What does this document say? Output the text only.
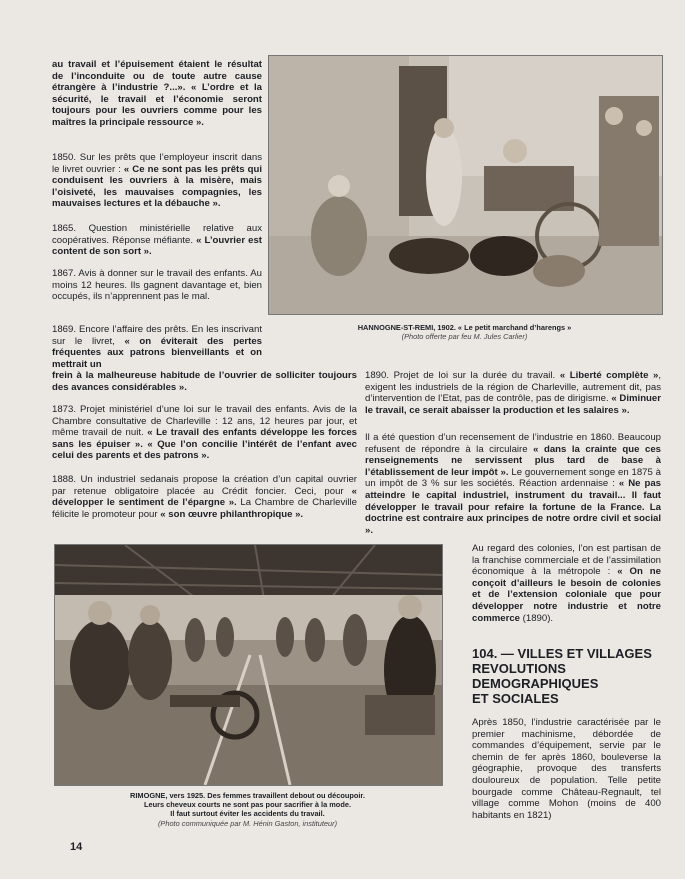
au travail et l’épuisement étaient le résultat de l’inconduite ou de toute autre cause étrangère à l’industrie ?...». « L’ordre et la sécurité, le travail et l’économie seront toujours pour les ouvriers comme pour les maîtres la principale ressource ».

1850. Sur les prêts que l’employeur inscrit dans le livret ouvrier : « Ce ne sont pas les prêts qui conduisent les ouvriers à la misère, mais l’oisiveté, les mauvaises compagnies, les mauvaises lectures et la débauche ».

1865. Question ministérielle relative aux coopératives. Réponse méfiante. « L’ouvrier est content de son sort ».

1867. Avis à donner sur le travail des enfants. Au moins 12 heures. Ils gagnent davantage et, bien occupés, ils n’apprennent pas le mal.

1869. Encore l’affaire des prêts. En les inscrivant sur le livret, « on éviterait des pertes fréquentes aux patrons bienveillants et on mettrait un

frein à la malheureuse habitude de l’ouvrier de solliciter toujours des avances considérables ».

1873. Projet ministériel d’une loi sur le travail des enfants. Avis de la Chambre consultative de Charleville : 12 ans, 12 heures par jour, et même travail de nuit. « Le travail des enfants développe les forces sans les épuiser ». « Que l’on concilie l’intérêt de l’enfant avec celui des parents et des patrons ».

1888. Un industriel sedanais propose la création d’un capital ouvrier par retenue obligatoire placée au Crédit foncier. Ceci, pour « développer le sentiment de l’épargne ». La Chambre de Charleville félicite le promoteur pour « son œuvre philanthropique ».

HANNOGNE-ST-REMI, 1902. « Le petit marchand d’harengs »
(Photo offerte par feu M. Jules Carlier)

1890. Projet de loi sur la durée du travail. « Liberté complète », exigent les industriels de la région de Charleville, autrement dit, pas d’intervention de l’Etat, pas de contrôle, pas de dirigisme. « Diminuer le travail, ce serait abaisser la production et les salaires ».

Il a été question d’un recensement de l’industrie en 1860. Beaucoup refusent de répondre à la circulaire « dans la crainte que ces renseignements ne servissent plus tard de base à l’établissement de leur impôt ». Le gouvernement songe en 1875 à un impôt de 3 % sur les sociétés. Réaction ardennaise : « Ne pas atteindre le capital industriel, instrument du travail... Il faut développer le travail pour refaire la fortune de la France. La doctrine est contraire aux principes de notre ordre civil et social ».

Au regard des colonies, l’on est partisan de la franchise commerciale et de l’assimilation économique à la métropole : « On ne conçoit d’ailleurs le besoin de colonies et de l’extension coloniale que pour développer notre industrie et notre commerce (1890).

104. — VILLES ET VILLAGES
REVOLUTIONS
DEMOGRAPHIQUES
ET SOCIALES

Après 1850, l’industrie caractérisée par le premier machinisme, débordée de commandes d’équipement, servie par le chemin de fer après 1860, bouleverse la géographie, provoque des transferts douloureux de population. Telle petite bourgade comme Château-Regnault, tel village comme Mohon (moins de 400 habitants en 1821)

RIMOGNE, vers 1925. Des femmes travaillent debout ou découpoir.
Leurs cheveux courts ne sont pas pour sacrifier à la mode.
Il faut surtout éviter les accidents du travail.
(Photo communiquée par M. Hénin Gaston, instituteur)
14
